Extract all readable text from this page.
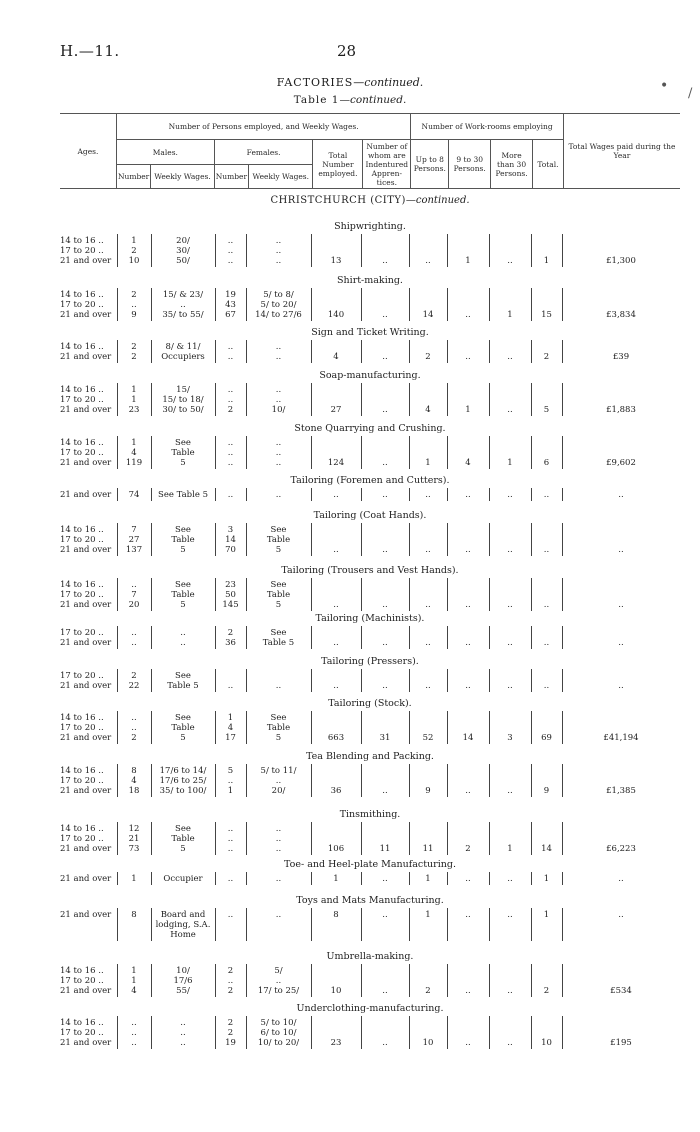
H.—11.	28
FACTORIES—continued.
Table 1—continued.
• /
Ages.	Number of Persons employed, and Weekly Wages.						Number of Work-rooms employing				Total Wages paid during the Year
	Males.		Females.		Total Number employed.	Number of whom are Indentured Appren-tices.	Up to 8 Persons.	9 to 30 Persons.	More than 30 Persons.	Total.	
	Number	Weekly Wages.	Number	Weekly Wages.							
CHRISTCHURCH (CITY)—continued.
Shipwrighting.
14 to 16 ..	1	20/	..	..
17 to 20 ..	2	30/	..	..
21 and over	10	50/	..	..	13	..	..	1	..	1	£1,300
Shirt-making.
14 to 16 ..	2	15/ & 23/	19	5/ to 8/
17 to 20 ..	..	..	43	5/ to 20/
21 and over	9	35/ to 55/	67	14/ to 27/6	140	..	14	..	1	15	£3,834
Sign and Ticket Writing.
14 to 16 ..	2	8/ & 11/	..	..
21 and over	2	Occupiers	..	..	4	..	2	..	..	2	£39
Soap-manufacturing.
14 to 16 ..	1	15/	..	..
17 to 20 ..	1	15/ to 18/	..	..
21 and over	23	30/ to 50/	2	10/	27	..	4	1	..	5	£1,883
Stone Quarrying and Crushing.
14 to 16 ..	1	See	..	..
17 to 20 ..	4	Table	..	..
21 and over	119	5	..	..	124	..	1	4	1	6	£9,602
Tailoring (Foremen and Cutters).
21 and over	74	See Table 5	..	..	..	..	..	..	..	..	..
Tailoring (Coat Hands).
14 to 16 ..	7	See	3	See
17 to 20 ..	27	Table	14	Table
21 and over	137	5	70	5	..	..	..	..	..	..	..
Tailoring (Trousers and Vest Hands).
14 to 16 ..	..	See	23	See
17 to 20 ..	7	Table	50	Table
21 and over	20	5	145	5	..	..	..	..	..	..	..
Tailoring (Machinists).
17 to 20 ..	..	..	2	See
21 and over	..	..	36	Table 5	..	..	..	..	..	..	..
Tailoring (Pressers).
17 to 20 ..	2	See
21 and over	22	Table 5	..	..	..	..	..	..	..	..	..
Tailoring (Stock).
14 to 16 ..	..	See	1	See
17 to 20 ..	..	Table	4	Table
21 and over	2	5	17	5	663	31	52	14	3	69	£41,194
Tea Blending and Packing.
14 to 16 ..	8	17/6 to 14/	5	5/ to 11/
17 to 20 ..	4	17/6 to 25/	..	..
21 and over	18	35/ to 100/	1	20/	36	..	9	..	..	9	£1,385
Tinsmithing.
14 to 16 ..	12	See	..	..
17 to 20 ..	21	Table	..	..
21 and over	73	5	..	..	106	11	11	2	1	14	£6,223
Toe- and Heel-plate Manufacturing.
21 and over	1	Occupier	..	..	1	..	1	..	..	1	..
Toys and Mats Manufacturing.
21 and over	8	Board and	..	..	8	..	1	..	..	1	..
lodging, S.A.
Home
Umbrella-making.
14 to 16 ..	1	10/	2	5/
17 to 20 ..	1	17/6	..	..
21 and over	4	55/	2	17/ to 25/	10	..	2	..	..	2	£534
Underclothing-manufacturing.
14 to 16 ..	..	..	2	5/ to 10/
17 to 20 ..	..	..	2	6/ to 10/
21 and over	..	..	19	10/ to 20/	23	..	10	..	..	10	£195
